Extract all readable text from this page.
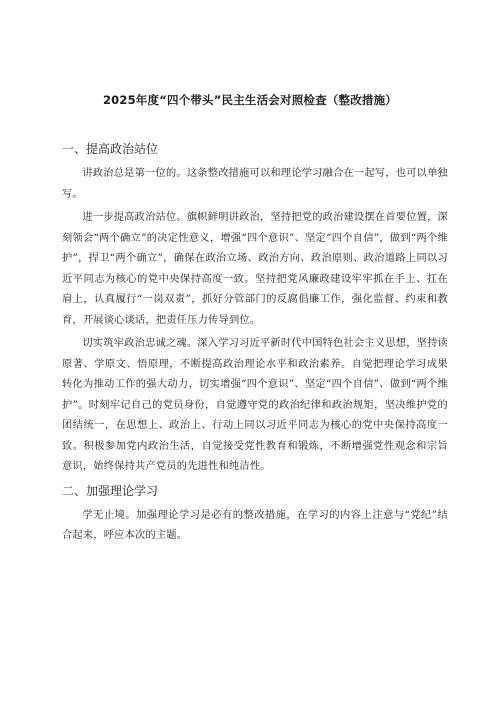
2025年度“四个带头”民主生活会对照检查（整改措施）
一、提高政治站位

讲政治总是第一位的。这条整改措施可以和理论学习融合在一起写，也可以单独写。

进一步提高政治站位。旗帜鲜明讲政治，坚持把党的政治建设摆在首要位置，深刻领会“两个确立”的决定性意义，增强“四个意识”、坚定“四个自信”，做到“两个维护”，捍卫“两个确立”，确保在政治立场、政治方向、政治原则、政治道路上同以习近平同志为核心的党中央保持高度一致。坚持把党风廉政建设牢牢抓在手上、扛在肩上，认真履行“一岗双责”，抓好分管部门的反腐倡廉工作，强化监督、约束和教育，开展谈心谈话，把责任压力传导到位。

切实筑牢政治忠诚之魂。深入学习习近平新时代中国特色社会主义思想，坚持读原著、学原文、悟原理，不断提高政治理论水平和政治素养。自觉把理论学习成果转化为推动工作的强大动力，切实增强“四个意识”、坚定“四个自信”、做到“两个维护”。时刻牢记自己的党员身份，自觉遵守党的政治纪律和政治规矩，坚决维护党的团结统一，在思想上、政治上、行动上同以习近平同志为核心的党中央保持高度一致。积极参加党内政治生活，自觉接受党性教育和锻炼，不断增强党性观念和宗旨意识，始终保持共产党员的先进性和纯洁性。

二、加强理论学习

学无止境。加强理论学习是必有的整改措施，在学习的内容上注意与“党纪”结合起来，呼应本次的主题。
